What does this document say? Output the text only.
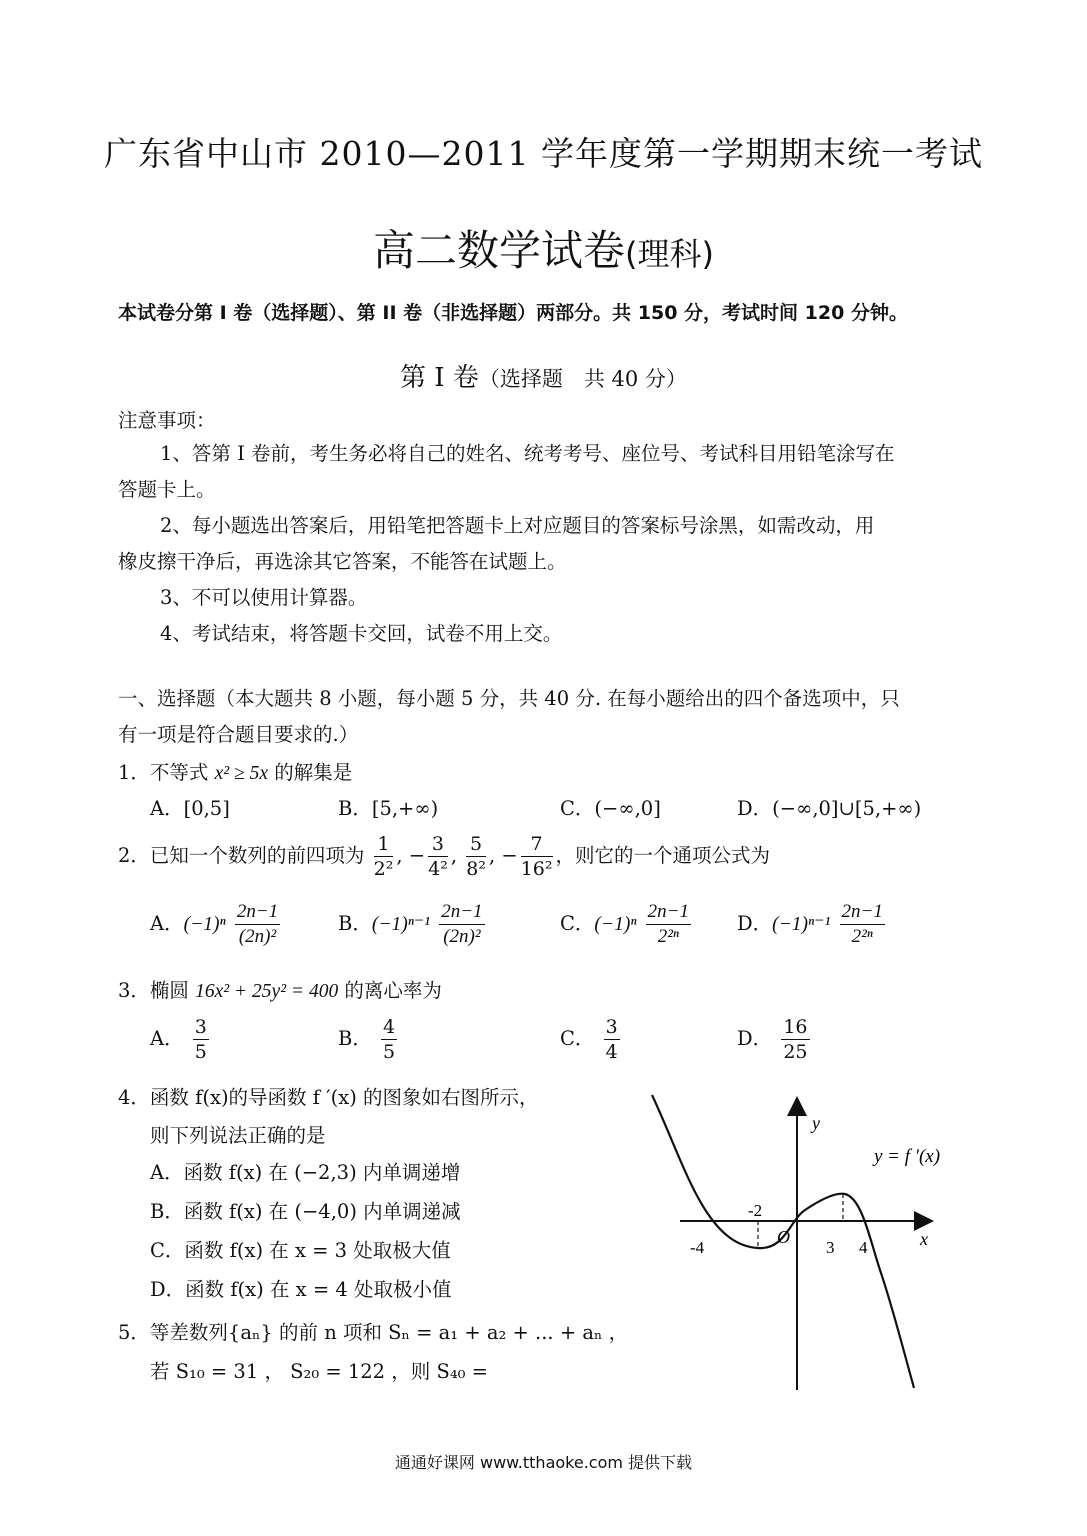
广东省中山市 2010—2011 学年度第一学期期末统一考试
高二数学试卷(理科)
本试卷分第 I 卷（选择题）、第 II 卷（非选择题）两部分。共 150 分，考试时间 120 分钟。
第 I 卷（选择题　共 40 分）
注意事项：
1、答第 I 卷前，考生务必将自己的姓名、统考考号、座位号、考试科目用铅笔涂写在
答题卡上。
2、每小题选出答案后，用铅笔把答题卡上对应题目的答案标号涂黑，如需改动，用
橡皮擦干净后，再选涂其它答案，不能答在试题上。
3、不可以使用计算器。
4、考试结束，将答题卡交回，试卷不用上交。
一、选择题（本大题共 8 小题，每小题 5 分，共 40 分. 在每小题给出的四个备选项中，只
有一项是符合题目要求的.）
1．不等式 x² ≥ 5x 的解集是
A．[0,5]	B．[5,+∞)	C．(−∞,0]	D．(−∞,0]∪[5,+∞)
2．已知一个数列的前四项为 $\frac{1}{\text{2²}}$ , − $\frac{3}{\text{4²}}$ , $\frac{5}{\text{8²}}$ , − $\frac{7}{\text{16²}}$ ，则它的一个通项公式为
A．$(-1)^n \frac{2n-1}{\text{(2n)²}}$	B．$(-1)^{n-1} \frac{2n-1}{\text{(2n)²}}$	C．$(-1)^n \frac{2n-1}{\text{2²ⁿ}}$ D．$(-1)^{n-1} \frac{2n-1}{\text{2²ⁿ}}$
3．椭圆 16x² + 25y² = 400 的离心率为
A． $\frac{3}{5}$	B． $\frac{4}{5}$	C． $\frac{3}{4}$	D． $\frac{16}{25}$
4．函数 f(x)的导函数 f ′(x) 的图象如右图所示，
则下列说法正确的是
A．函数 f(x) 在 (−2,3) 内单调递增
B．函数 f(x) 在 (−4,0) 内单调递减
C．函数 f(x) 在 x = 3 处取极大值
D．函数 f(x) 在 x = 4 处取极小值
5．等差数列{aₙ} 的前 n 项和 Sₙ = a₁ + a₂ + ... + aₙ ，
若 S₁₀ = 31 ， S₂₀ = 122 ，则 S₄₀ =
y
x
y = f ′(x)
O
-4
-2
3 4
通通好课网 www.tthaoke.com 提供下载
